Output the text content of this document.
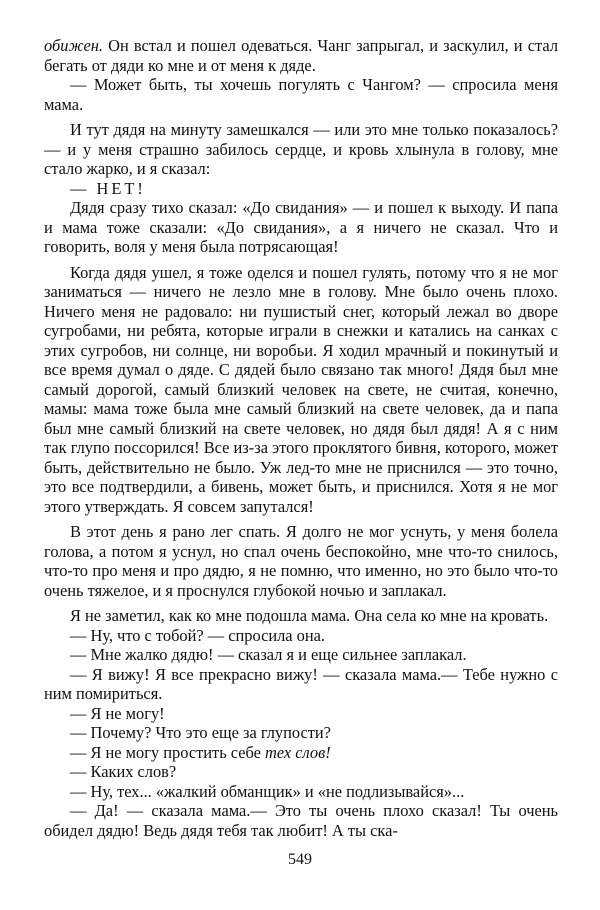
обижен. Он встал и пошел одеваться. Чанг запрыгал, и заскулил, и стал бегать от дяди ко мне и от меня к дяде.

— Может быть, ты хочешь погулять с Чангом? — спросила меня мама.

И тут дядя на минуту замешкался — или это мне только показалось? — и у меня страшно забилось сердце, и кровь хлынула в голову, мне стало жарко, и я сказал:

— НЕТ!

Дядя сразу тихо сказал: «До свидания» — и пошел к выходу. И папа и мама тоже сказали: «До свидания», а я ничего не сказал. Что и говорить, воля у меня была потрясающая!

Когда дядя ушел, я тоже оделся и пошел гулять, потому что я не мог заниматься — ничего не лезло мне в голову. Мне было очень плохо. Ничего меня не радовало: ни пушистый снег, который лежал во дворе сугробами, ни ребята, которые играли в снежки и катались на санках с этих сугробов, ни солнце, ни воробьи. Я ходил мрачный и покинутый и все время думал о дяде. С дядей было связано так много! Дядя был мне самый дорогой, самый близкий человек на свете, не считая, конечно, мамы: мама тоже была мне самый близкий на свете человек, да и папа был мне самый близкий на свете человек, но дядя был дядя! А я с ним так глупо поссорился! Все из-за этого проклятого бивня, которого, может быть, действительно не было. Уж лед-то мне не приснился — это точно, это все подтвердили, а бивень, может быть, и приснился. Хотя я не мог этого утверждать. Я совсем запутался!

В этот день я рано лег спать. Я долго не мог уснуть, у меня болела голова, а потом я уснул, но спал очень беспокойно, мне что-то снилось, что-то про меня и про дядю, я не помню, что именно, но это было что-то очень тяжелое, и я проснулся глубокой ночью и заплакал.

Я не заметил, как ко мне подошла мама. Она села ко мне на кровать.

— Ну, что с тобой? — спросила она.

— Мне жалко дядю! — сказал я и еще сильнее заплакал.

— Я вижу! Я все прекрасно вижу! — сказала мама.— Тебе нужно с ним помириться.

— Я не могу!

— Почему? Что это еще за глупости?

— Я не могу простить себе тех слов!

— Каких слов?

— Ну, тех... «жалкий обманщик» и «не подлизывайся»...

— Да! — сказала мама.— Это ты очень плохо сказал! Ты очень обидел дядю! Ведь дядя тебя так любит! А ты ска-

549
